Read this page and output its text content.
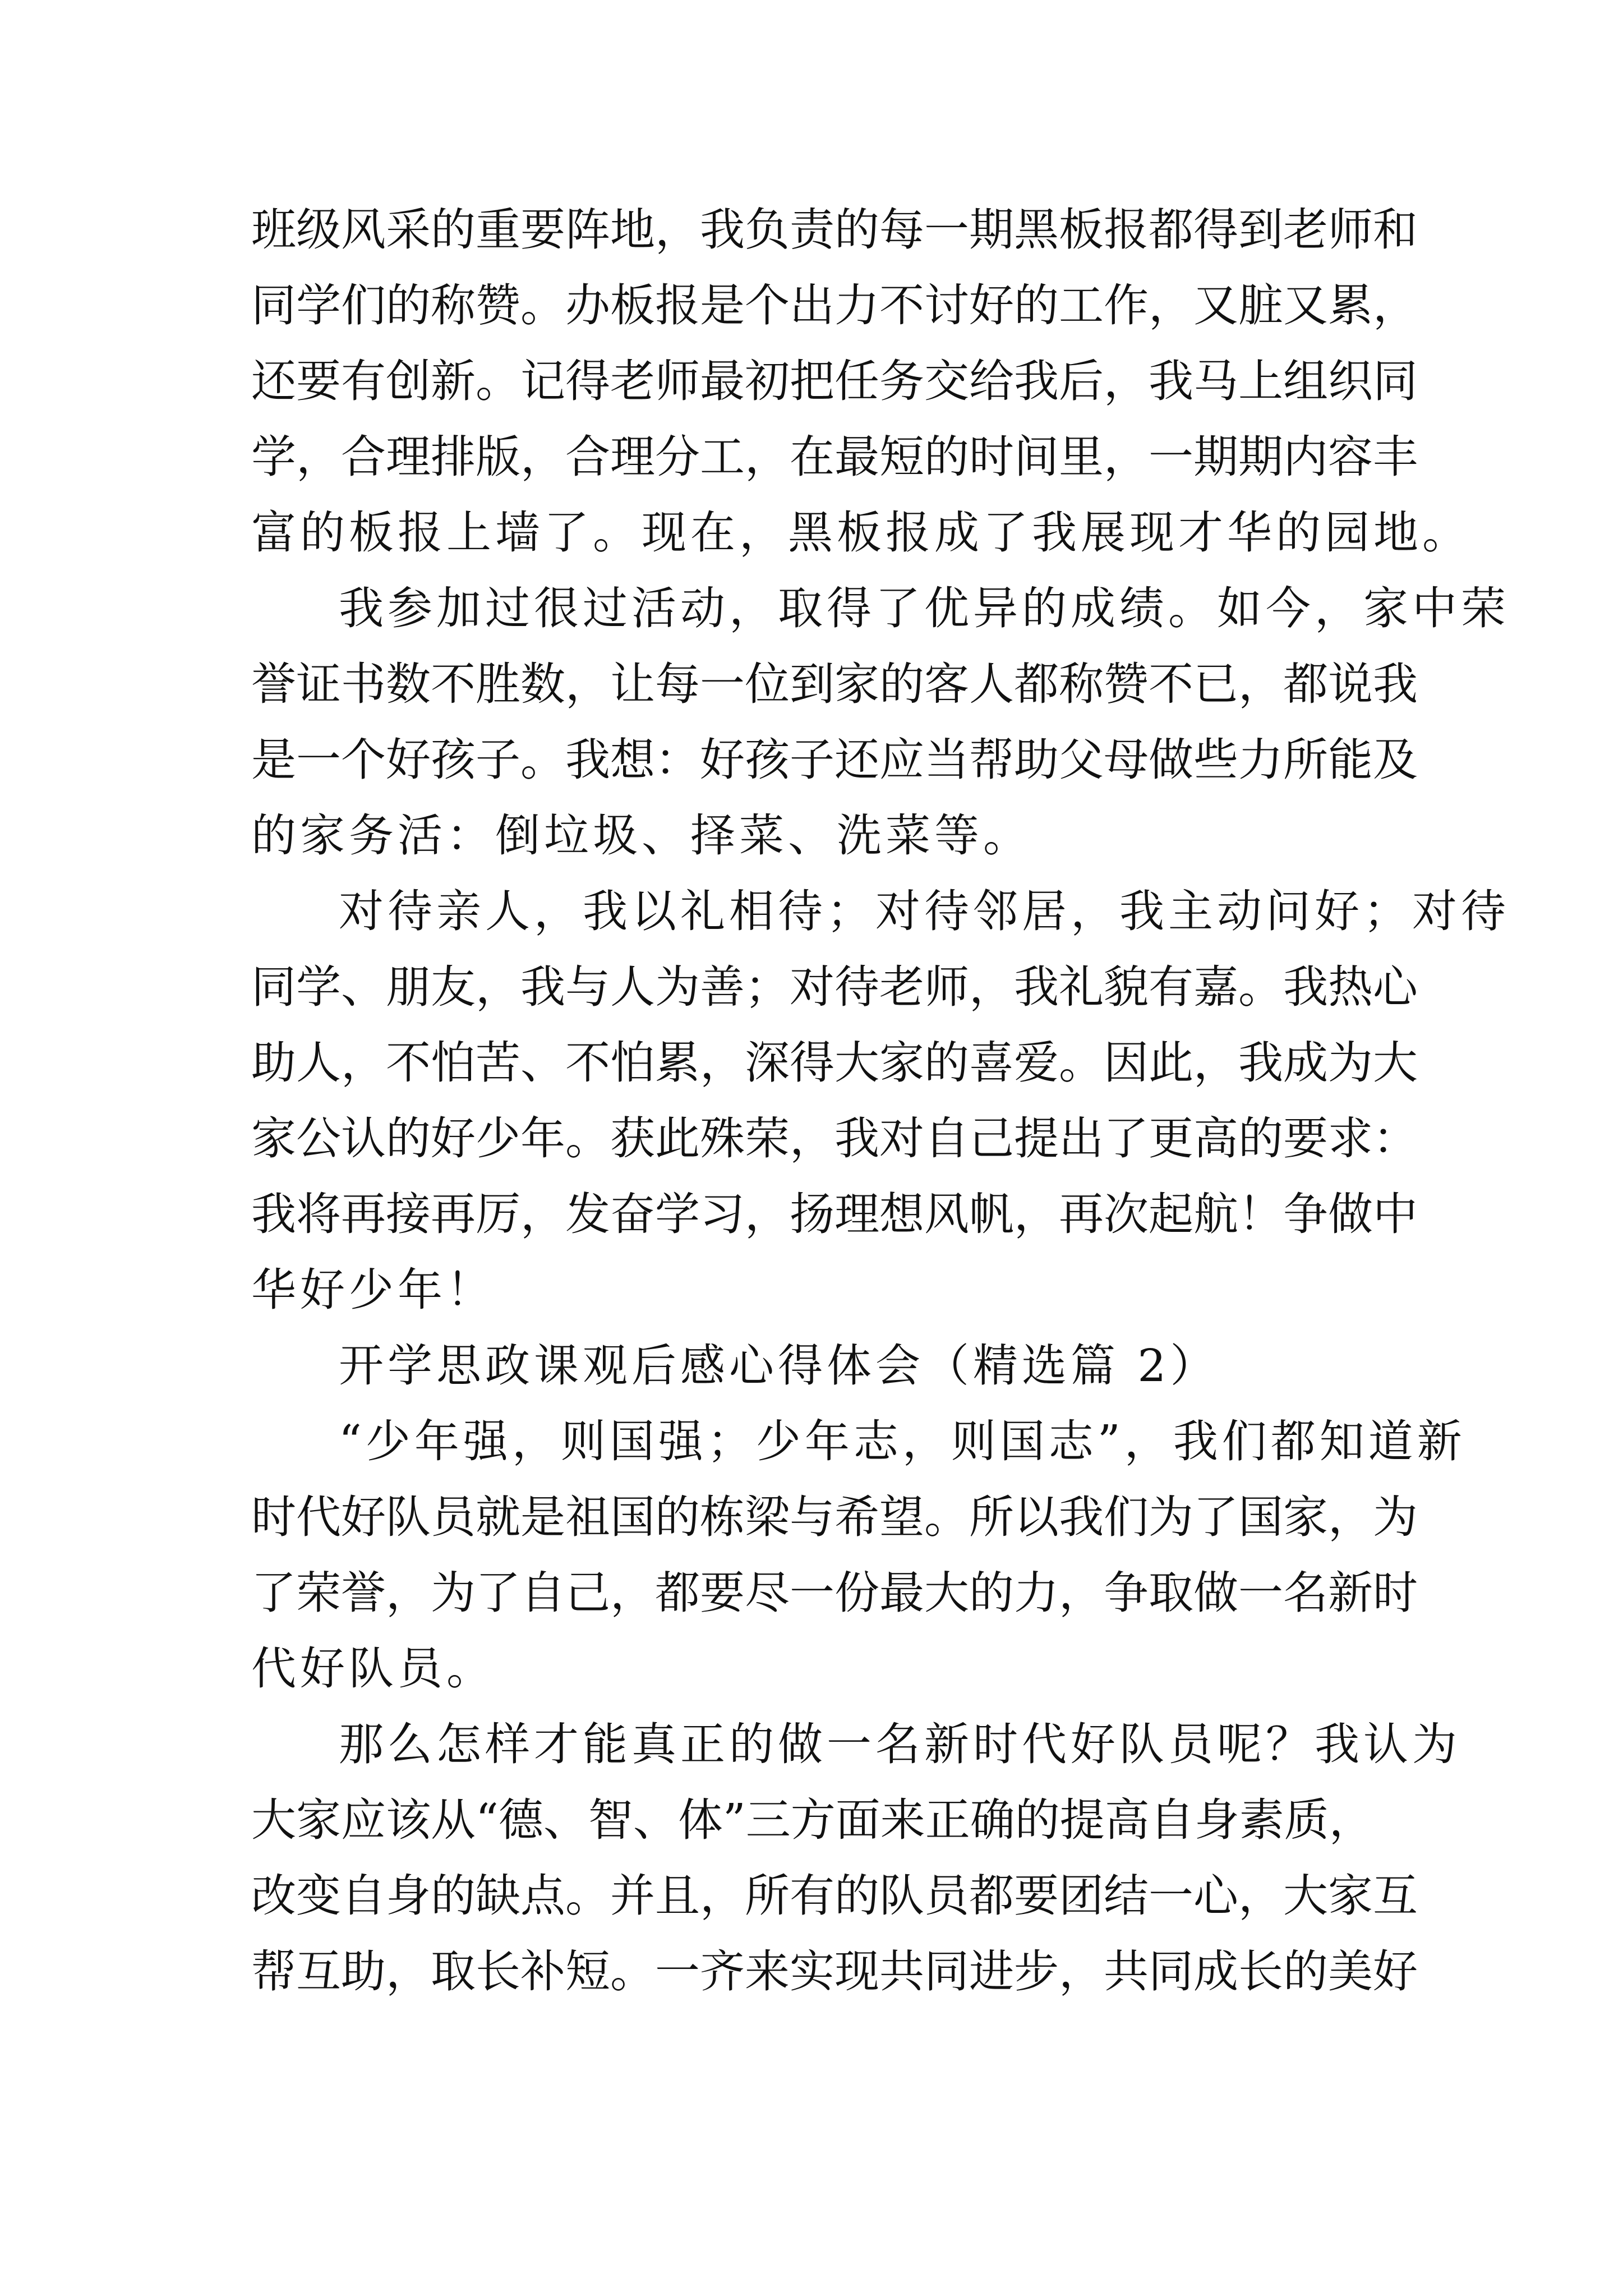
班级风采的重要阵地，我负责的每一期黑板报都得到老师和

同学们的称赞。办板报是个出力不讨好的工作，又脏又累，

还要有创新。记得老师最初把任务交给我后，我马上组织同

学，合理排版，合理分工，在最短的时间里，一期期内容丰

富的板报上墙了。现在，黑板报成了我展现才华的园地。

我参加过很过活动，取得了优异的成绩。如今，家中荣

誉证书数不胜数，让每一位到家的客人都称赞不已，都说我

是一个好孩子。我想：好孩子还应当帮助父母做些力所能及

的家务活：倒垃圾、择菜、洗菜等。

对待亲人，我以礼相待；对待邻居，我主动问好；对待

同学、朋友，我与人为善；对待老师，我礼貌有嘉。我热心

助人，不怕苦、不怕累，深得大家的喜爱。因此，我成为大

家公认的好少年。获此殊荣，我对自己提出了更高的要求：

我将再接再厉，发奋学习，扬理想风帆，再次起航！争做中

华好少年！

开学思政课观后感心得体会（精选篇 2）

“少年强，则国强；少年志，则国志”，我们都知道新

时代好队员就是祖国的栋梁与希望。所以我们为了国家，为

了荣誉，为了自己，都要尽一份最大的力，争取做一名新时

代好队员。

那么怎样才能真正的做一名新时代好队员呢？我认为

大家应该从“德、智、体”三方面来正确的提高自身素质，

改变自身的缺点。并且，所有的队员都要团结一心，大家互

帮互助，取长补短。一齐来实现共同进步，共同成长的美好
